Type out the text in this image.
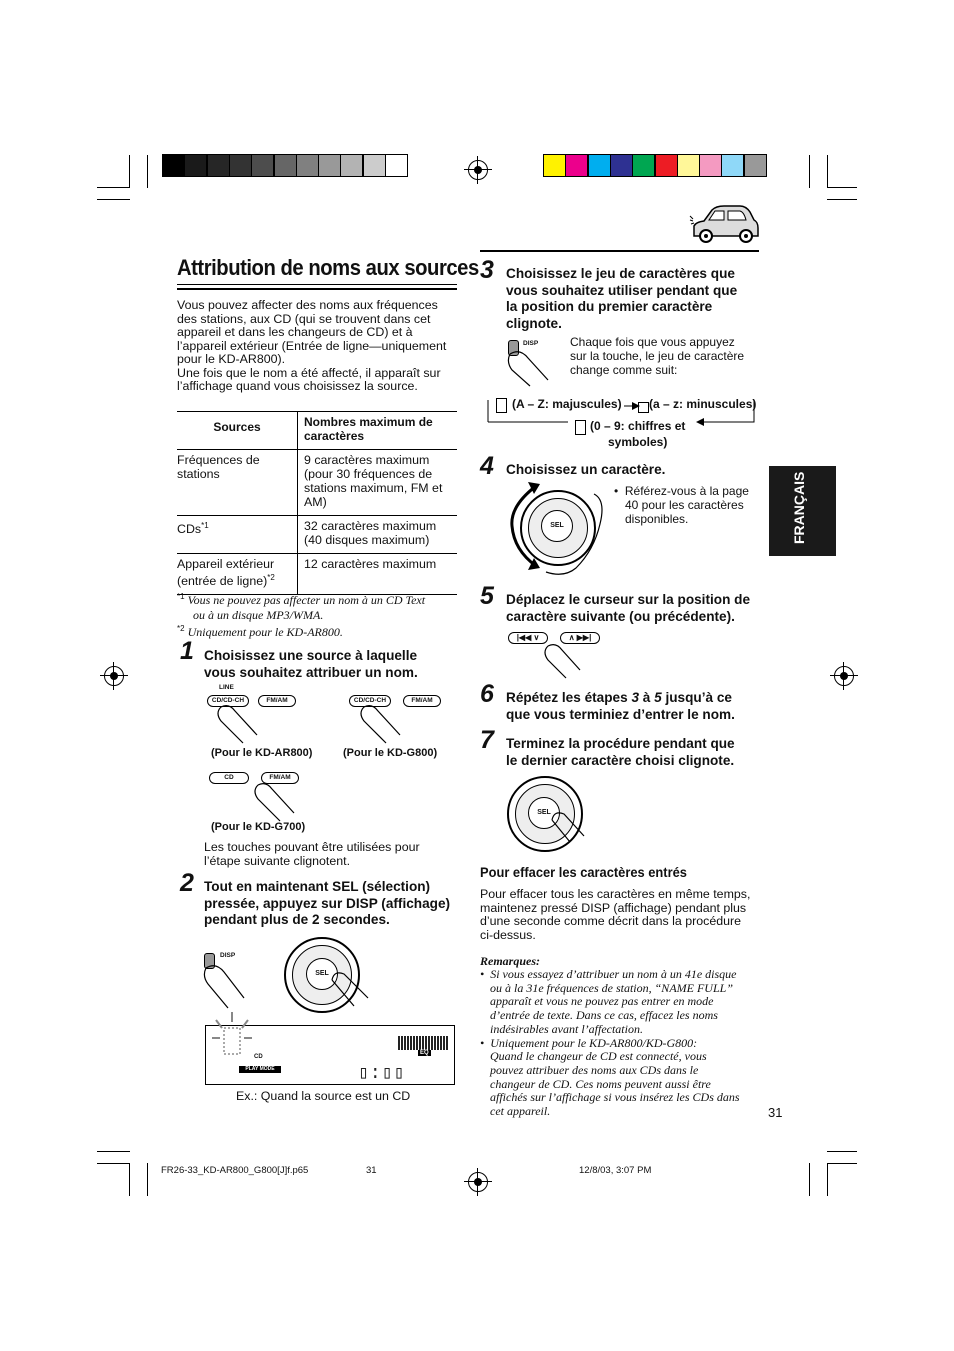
Attribution de noms aux sources
Vous pouvez affecter des noms aux fréquences
des stations, aux CD (qui se trouvent dans cet
appareil et dans les changeurs de CD) et à
l’appareil extérieur (Entrée de ligne—uniquement
pour le KD-AR800).
Une fois que le nom a été affecté, il apparaît sur
l’affichage quand vous choisissez la source.
Sources	Nombres maximum de caractères
Fréquences de stations	9 caractères maximum (pour 30 fréquences de stations maximum, FM et AM)
CDs$^{*1}$	32 caractères maximum (40 disques maximum)
Appareil extérieur (entrée de ligne)$^{*2}$	12 caractères maximum
$^{*1}$ Vous ne pouvez pas affecter un nom à un CD Text
ou à un disque MP3/WMA.
$^{*2}$ Uniquement pour le KD-AR800.
1 Choisissez une source à laquelle
vous souhaitez attribuer un nom.
LINE
CD/CD-CH	FM/AM	CD/CD-CH	FM/AM
(Pour le KD-AR800)	(Pour le KD-G800)
CD	FM/AM
(Pour le KD-G700)
Les touches pouvant être utilisées pour
l’étape suivante clignotent.
2 Tout en maintenant SEL (sélection)
pressée, appuyez sur DISP (affichage)
pendant plus de 2 secondes.
DISP
SEL
CD
PLAY MODE	▯:▯▯
EQ
Ex.: Quand la source est un CD
3 Choisissez le jeu de caractères que
vous souhaitez utiliser pendant que
la position du premier caractère
clignote.
DISP	Chaque fois que vous appuyez
sur la touche, le jeu de caractère
change comme suit:
(A – Z: majuscules) (a – z: minuscules)
(0 – 9: chiffres et
symboles)
4 Choisissez un caractère.
SEL
•  Référez-vous à la page
40 pour les caractères
disponibles.
5 Déplacez le curseur sur la position de
caractère suivante (ou précédente).
|◀◀ ∨	∧ ▶▶|
6 Répétez les étapes 3 à 5 jusqu’à ce
que vous terminiez d’entrer le nom.
7 Terminez la procédure pendant que
le dernier caractère choisi clignote.
SEL
Pour effacer les caractères entrés
Pour effacer tous les caractères en même temps,
maintenez pressé DISP (affichage) pendant plus
d’une seconde comme décrit dans la procédure
ci-dessus.
Remarques:
•  Si vous essayez d’attribuer un nom à un 41e disque
ou à la 31e fréquences de station, “NAME FULL”
apparaît et vous ne pouvez pas entrer en mode
d’entrée de texte. Dans ce cas, effacez les noms
indésirables avant l’affectation.
•  Uniquement pour le KD-AR800/KD-G800:
Quand le changeur de CD est connecté, vous
pouvez attribuer des noms aux CDs dans le
changeur de CD. Ces noms peuvent aussi être
affichés sur l’affichage si vous insérez les CDs dans
cet appareil.
FRANÇAIS
31
FR26-33_KD-AR800_G800[J]f.p65	31	12/8/03, 3:07 PM
